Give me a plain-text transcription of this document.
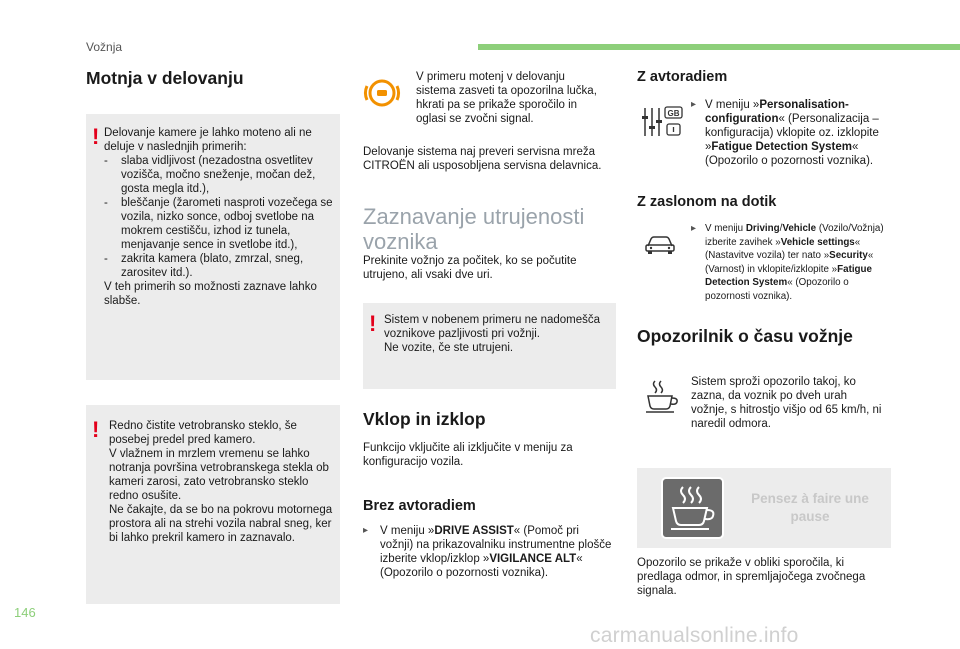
Vožnja
Motnja v delovanju
! Delovanje kamere je lahko moteno ali ne deluje v naslednjih primerih:
-	slaba vidljivost (nezadostna osvetlitev vozišča, močno sneženje, močan dež, gosta megla itd.),
-	bleščanje (žarometi nasproti vozečega se vozila, nizko sonce, odboj svetlobe na mokrem cestišču, izhod iz tunela, menjavanje sence in svetlobe itd.),
-	zakrita kamera (blato, zmrzal, sneg, zarositev itd.).
V teh primerih so možnosti zaznave lahko slabše.
! Redno čistite vetrobransko steklo, še posebej predel pred kamero.
V vlažnem in mrzlem vremenu se lahko notranja površina vetrobranskega stekla ob kameri zarosi, zato vetrobransko steklo redno osušite.
Ne čakajte, da se bo na pokrovu motornega prostora ali na strehi vozila nabral sneg, ker bi lahko prekril kamero in zaznavalo.
V primeru motenj v delovanju sistema zasveti ta opozorilna lučka, hkrati pa se prikaže sporočilo in oglasi se zvočni signal.
Delovanje sistema naj preveri servisna mreža CITROËN ali usposobljena servisna delavnica.
Zaznavanje utrujenosti voznika
Prekinite vožnjo za počitek, ko se počutite utrujeno, ali vsaki dve uri.
! Sistem v nobenem primeru ne nadomešča voznikove pazljivosti pri vožnji.
Ne vozite, če ste utrujeni.
Vklop in izklop
Funkcijo vključite ali izključite v meniju za konfiguracijo vozila.
Brez avtoradiem
▸	V meniju »DRIVE ASSIST« (Pomoč pri vožnji) na prikazovalniku instrumentne plošče izberite vklop/izklop »VIGILANCE ALT« (Opozorilo o pozornosti voznika).
Z avtoradiem
GB
▸ V meniju »Personalisation-configuration« (Personalizacija – konfiguracija) vklopite oz. izklopite »Fatigue Detection System« (Opozorilo o pozornosti voznika).
Z zaslonom na dotik
▸ V meniju Driving/Vehicle (Vozilo/Vožnja) izberite zavihek »Vehicle settings« (Nastavitve vozila) ter nato »Security« (Varnost) in vklopite/izklopite »Fatigue Detection System« (Opozorilo o pozornosti voznika).
Opozorilnik o času vožnje
Sistem sproži opozorilo takoj, ko zazna, da voznik po dveh urah vožnje, s hitrostjo višjo od 65 km/h, ni naredil odmora.
Pensez à faire une pause
Opozorilo se prikaže v obliki sporočila, ki predlaga odmor, in spremljajočega zvočnega signala.
146
carmanualsonline.info
